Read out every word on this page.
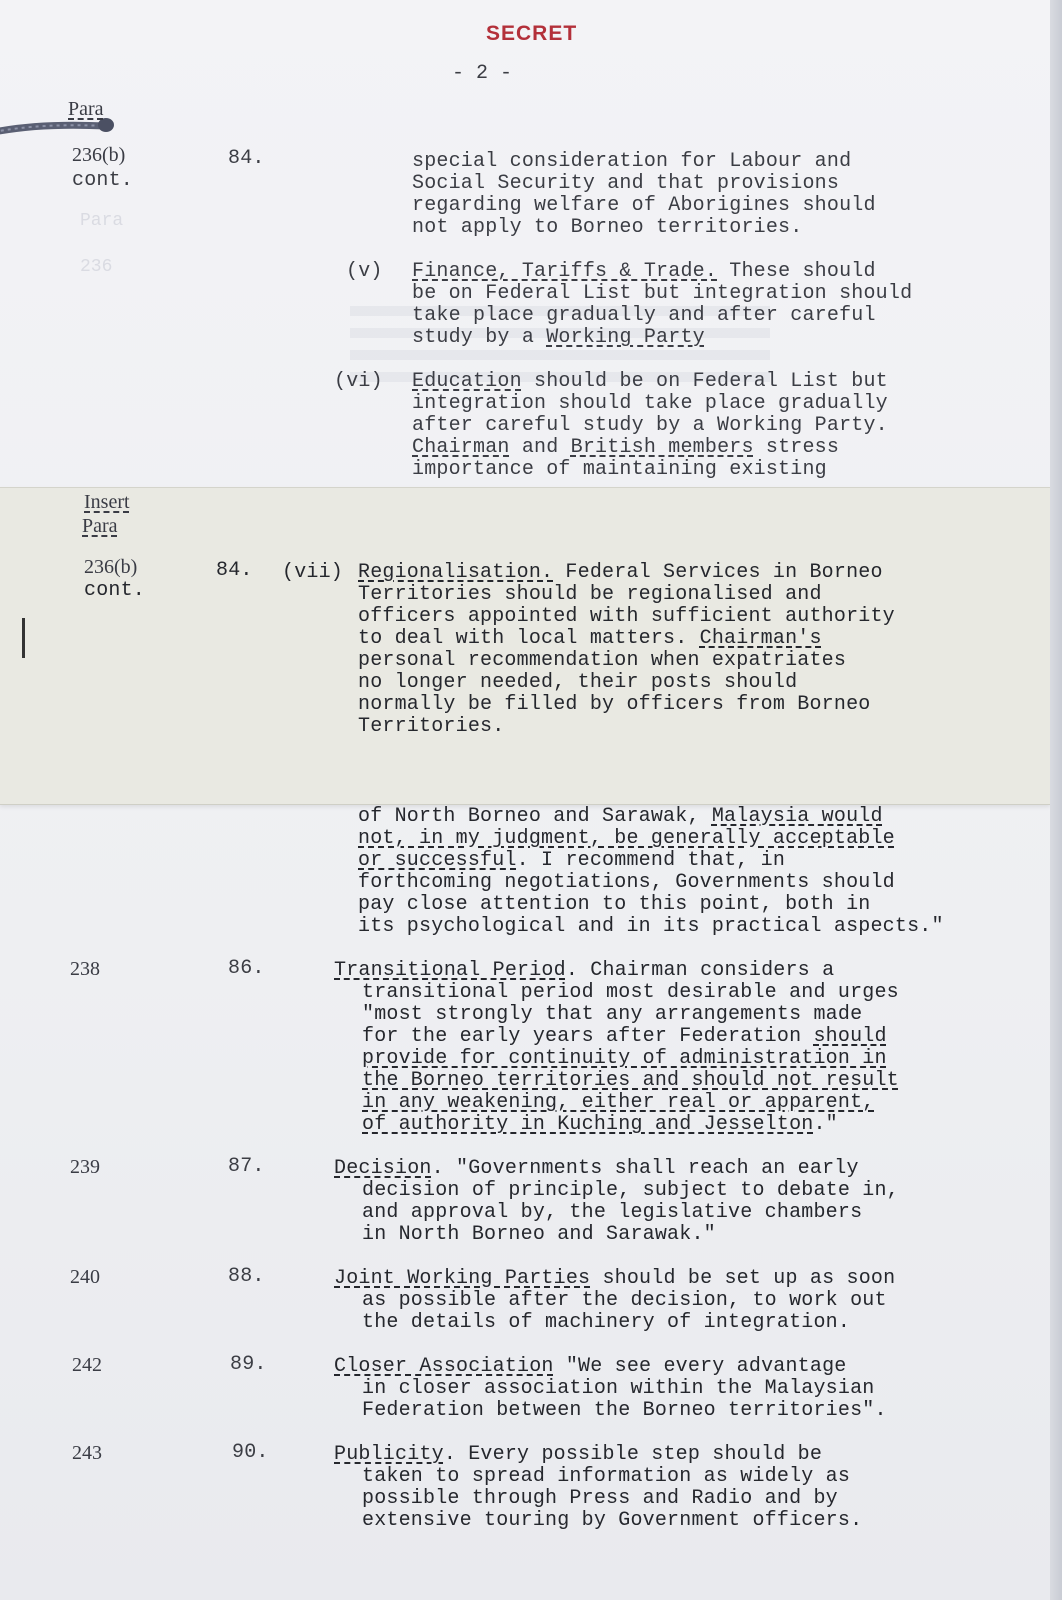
Para
236
SECRET
- 2 -
Para
236(b)
cont.
84.	special consideration for Labour and
Social Security and that provisions
regarding welfare of Aborigines should
not apply to Borneo territories.
(v) Finance, Tariffs & Trade. These should
be on Federal List but integration should
take place gradually and after careful
study by a Working Party
(vi) Education should be on Federal List but
integration should take place gradually
after careful study by a Working Party.
Chairman and British members stress
importance of maintaining existing
Insert
Para
236(b)
cont.
84. (vii) Regionalisation. Federal Services in Borneo
Territories should be regionalised and
officers appointed with sufficient authority
to deal with local matters. Chairman's
personal recommendation when expatriates
no longer needed, their posts should
normally be filled by officers from Borneo
Territories.
of North Borneo and Sarawak, Malaysia would
not, in my judgment, be generally acceptable
or successful. I recommend that, in
forthcoming negotiations, Governments should
pay close attention to this point, both in
its psychological and in its practical aspects."
238	86.	Transitional Period. Chairman considers a
transitional period most desirable and urges
"most strongly that any arrangements made
for the early years after Federation should
provide for continuity of administration in
the Borneo territories and should not result
in any weakening, either real or apparent,
of authority in Kuching and Jesselton."
239	87.	Decision. "Governments shall reach an early
decision of principle, subject to debate in,
and approval by, the legislative chambers
in North Borneo and Sarawak."
240	88.	Joint Working Parties should be set up as soon
as possible after the decision, to work out
the details of machinery of integration.
242	89.	Closer Association "We see every advantage
in closer association within the Malaysian
Federation between the Borneo territories".
243	90.	Publicity. Every possible step should be
taken to spread information as widely as
possible through Press and Radio and by
extensive touring by Government officers.
